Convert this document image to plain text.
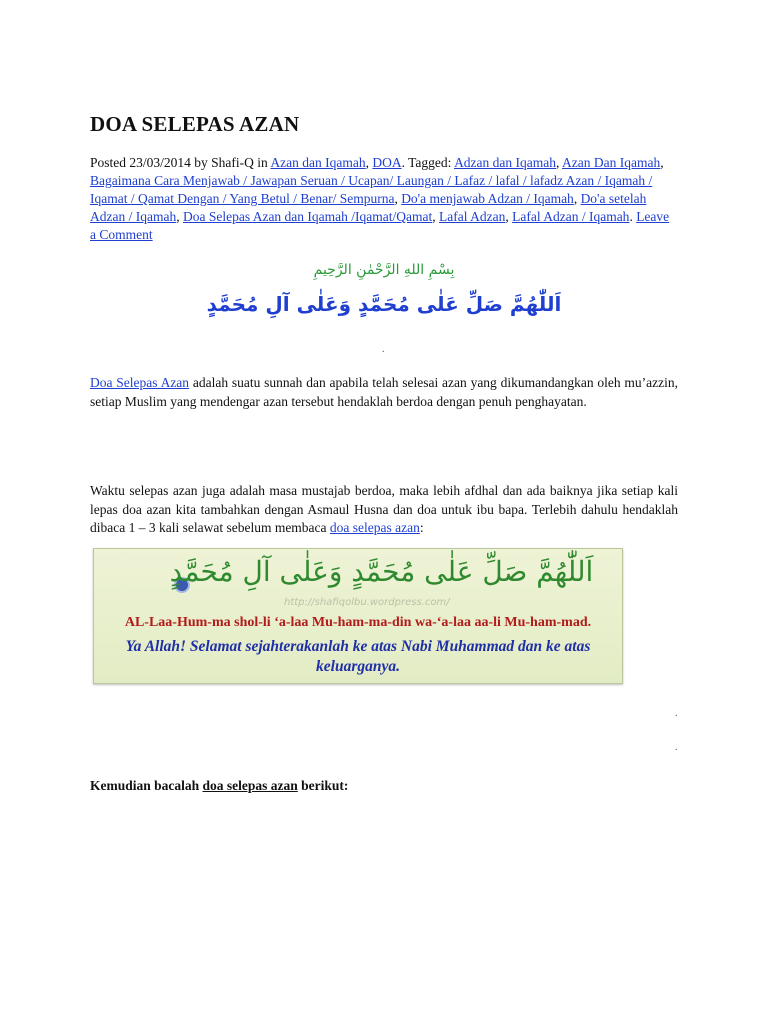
DOA SELEPAS AZAN
Posted 23/03/2014 by Shafi-Q in Azan dan Iqamah, DOA. Tagged: Adzan dan Iqamah, Azan Dan Iqamah, Bagaimana Cara Menjawab / Jawapan Seruan / Ucapan/ Laungan / Lafaz / lafal / lafadz Azan / Iqamah / Iqamat / Qamat Dengan / Yang Betul / Benar/ Sempurna, Do'a menjawab Adzan / Iqamah, Do'a setelah Adzan / Iqamah, Doa Selepas Azan dan Iqamah /Iqamat/Qamat, Lafal Adzan, Lafal Adzan / Iqamah. Leave a Comment
بِسْمِ اللهِ الرَّحْمٰنِ الرَّحِيمِ
اَللّٰهُمَّ صَلِّ عَلٰى مُحَمَّدٍ وَعَلٰى آلِ مُحَمَّدٍ
.
Doa Selepas Azan adalah suatu sunnah dan apabila telah selesai azan yang dikumandangkan oleh mu’azzin, setiap Muslim yang mendengar azan tersebut hendaklah berdoa dengan penuh penghayatan.
Waktu selepas azan juga adalah masa mustajab berdoa, maka lebih afdhal dan ada baiknya jika setiap kali lepas doa azan kita tambahkan dengan Asmaul Husna dan doa untuk ibu bapa. Terlebih dahulu hendaklah dibaca 1 – 3 kali selawat sebelum membaca doa selepas azan:
اَللّٰهُمَّ صَلِّ عَلٰى مُحَمَّدٍ وَعَلٰى آلِ مُحَمَّدٍ
http://shafiqolbu.wordpress.com/
AL-Laa-Hum-ma shol-li ‘a-laa Mu-ham-ma-din wa-‘a-laa aa-li Mu-ham-mad.
Ya Allah! Selamat sejahterakanlah ke atas Nabi Muhammad dan ke atas keluarganya.
.
.
Kemudian bacalah doa selepas azan berikut:
